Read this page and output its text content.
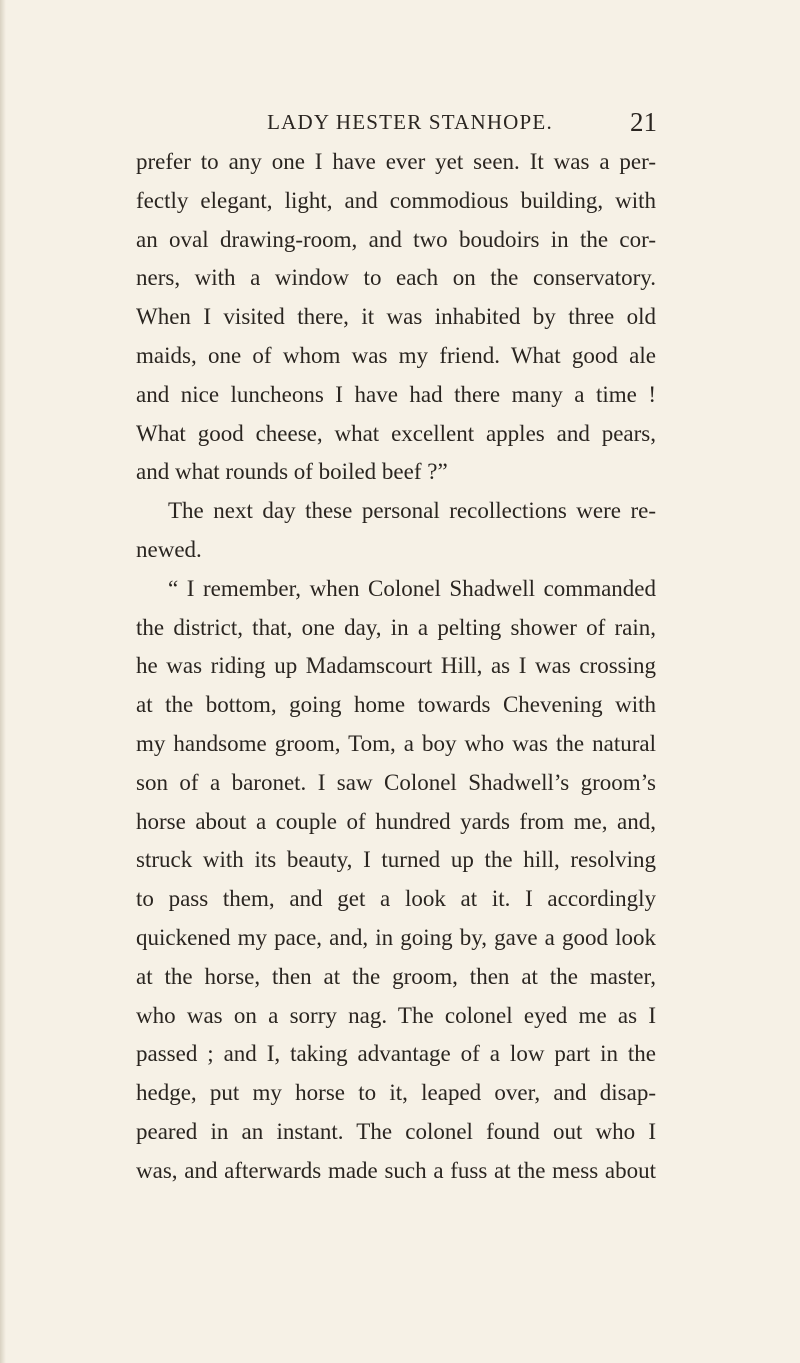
LADY HESTER STANHOPE.	21
prefer to any one I have ever yet seen. It was a per-
fectly elegant, light, and commodious building, with
an oval drawing-room, and two boudoirs in the cor-
ners, with a window to each on the conservatory.
When I visited there, it was inhabited by three old
maids, one of whom was my friend. What good ale
and nice luncheons I have had there many a time !
What good cheese, what excellent apples and pears,
and what rounds of boiled beef ?”
The next day these personal recollections were re-
newed.
“ I remember, when Colonel Shadwell commanded
the district, that, one day, in a pelting shower of rain,
he was riding up Madamscourt Hill, as I was crossing
at the bottom, going home towards Chevening with
my handsome groom, Tom, a boy who was the natural
son of a baronet. I saw Colonel Shadwell’s groom’s
horse about a couple of hundred yards from me, and,
struck with its beauty, I turned up the hill, resolving
to pass them, and get a look at it. I accordingly
quickened my pace, and, in going by, gave a good look
at the horse, then at the groom, then at the master,
who was on a sorry nag. The colonel eyed me as I
passed ; and I, taking advantage of a low part in the
hedge, put my horse to it, leaped over, and disap-
peared in an instant. The colonel found out who I
was, and afterwards made such a fuss at the mess about
